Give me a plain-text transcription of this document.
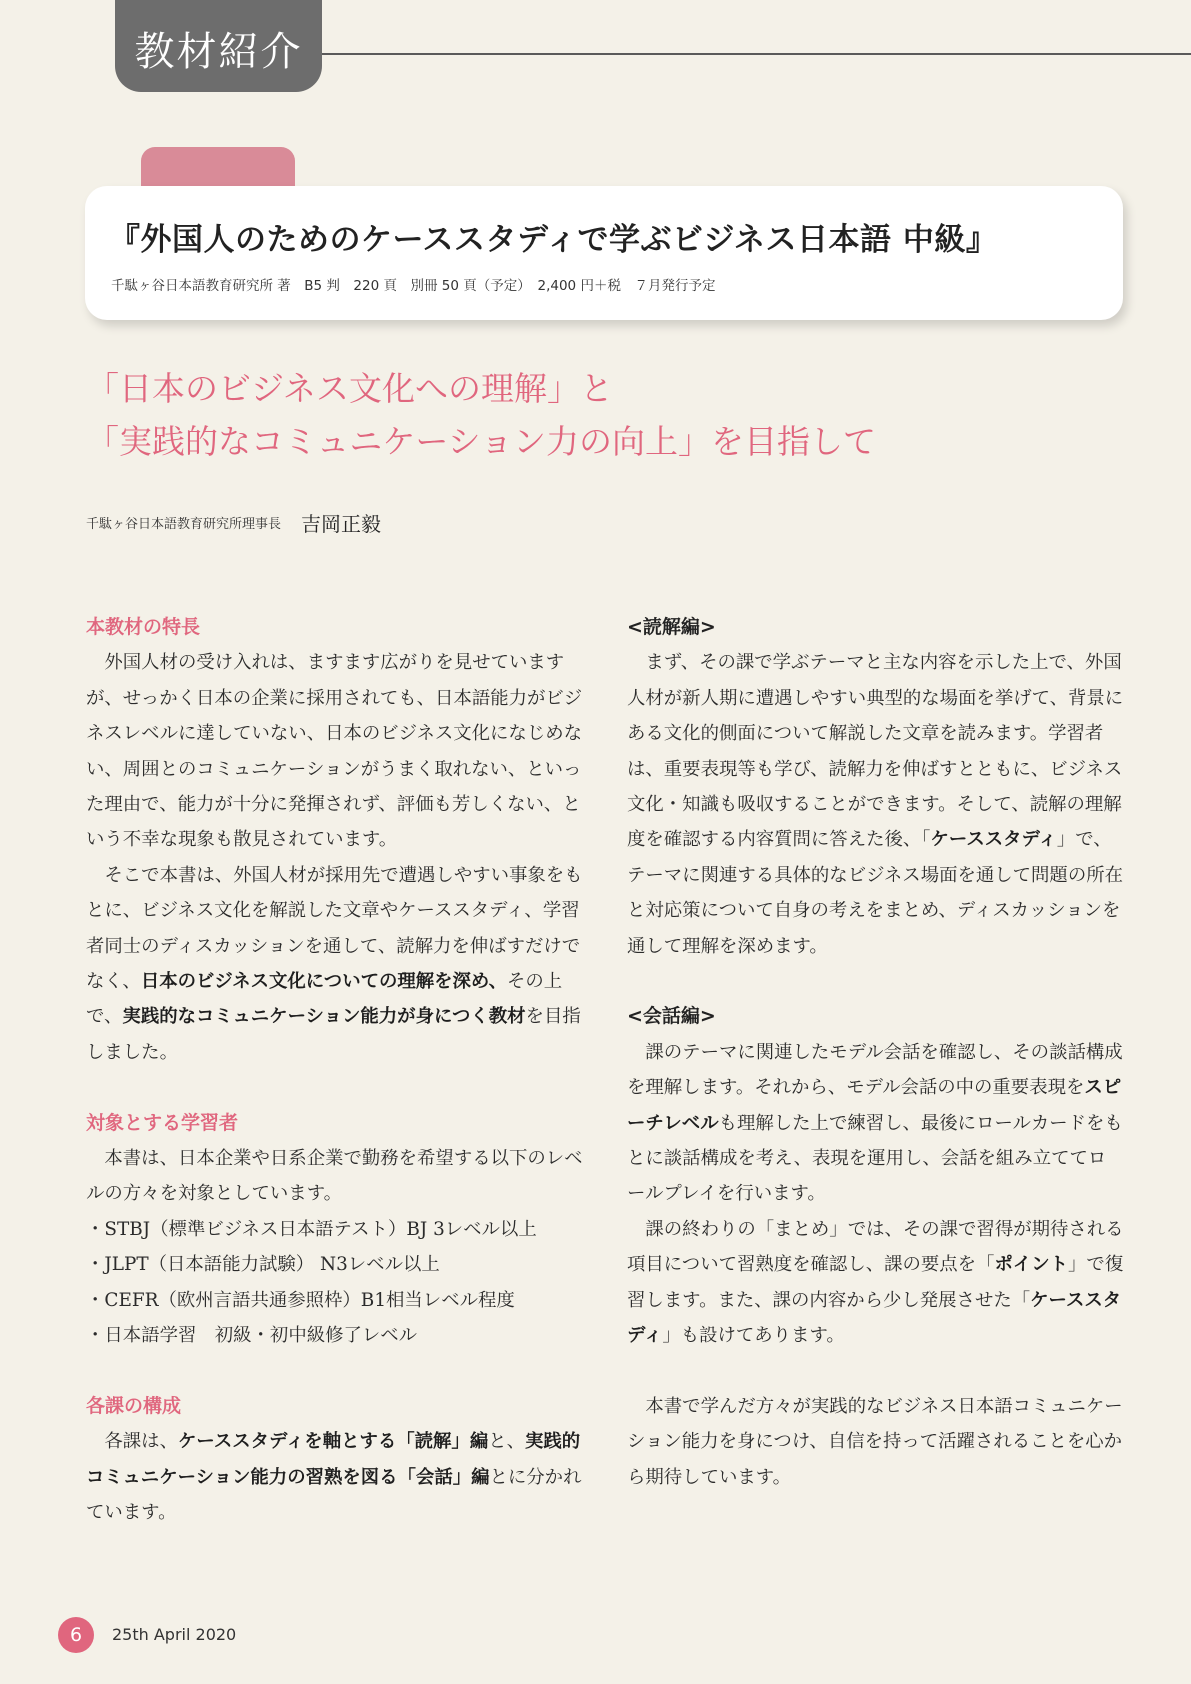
教材紹介
『外国人のためのケーススタディで学ぶビジネス日本語 中級』

千駄ヶ谷日本語教育研究所 著　B5 判　220 頁　別冊 50 頁（予定）　2,400 円＋税　７月発行予定

「日本のビジネス文化への理解」と
「実践的なコミュニケーション力の向上」を目指して
千駄ヶ谷日本語教育研究所理事長 吉岡正毅
本教材の特長

外国人材の受け入れは、ますます広がりを見せていますが、せっかく日本の企業に採用されても、日本語能力がビジネスレベルに達していない、日本のビジネス文化になじめない、周囲とのコミュニケーションがうまく取れない、といった理由で、能力が十分に発揮されず、評価も芳しくない、という不幸な現象も散見されています。

そこで本書は、外国人材が採用先で遭遇しやすい事象をもとに、ビジネス文化を解説した文章やケーススタディ、学習者同士のディスカッションを通して、読解力を伸ばすだけでなく、日本のビジネス文化についての理解を深め、その上で、実践的なコミュニケーション能力が身につく教材を目指しました。

対象とする学習者

本書は、日本企業や日系企業で勤務を希望する以下のレベルの方々を対象としています。

・ STBJ（標準ビジネス日本語テスト）BJ 3レベル以上
・ JLPT（日本語能力試験） N3レベル以上
・ CEFR（欧州言語共通参照枠）B1相当レベル程度
・ 日本語学習　初級・初中級修了レベル
各課の構成

各課は、ケーススタディを軸とする「読解」編と、実践的コミュニケーション能力の習熟を図る「会話」編とに分かれています。

<読解編>

まず、その課で学ぶテーマと主な内容を示した上で、外国人材が新人期に遭遇しやすい典型的な場面を挙げて、背景にある文化的側面について解説した文章を読みます。学習者は、重要表現等も学び、読解力を伸ばすとともに、ビジネス文化・知識も吸収することができます。そして、読解の理解度を確認する内容質問に答えた後、「ケーススタディ」で、テーマに関連する具体的なビジネス場面を通して問題の所在と対応策について自身の考えをまとめ、ディスカッションを通して理解を深めます。

<会話編>

課のテーマに関連したモデル会話を確認し、その談話構成を理解します。それから、モデル会話の中の重要表現をスピーチレベルも理解した上で練習し、最後にロールカードをもとに談話構成を考え、表現を運用し、会話を組み立ててロールプレイを行います。

課の終わりの「まとめ」では、その課で習得が期待される項目について習熟度を確認し、課の要点を「ポイント」で復習します。また、課の内容から少し発展させた「ケーススタディ」も設けてあります。

本書で学んだ方々が実践的なビジネス日本語コミュニケーション能力を身につけ、自信を持って活躍されることを心から期待しています。

6	25th April 2020
